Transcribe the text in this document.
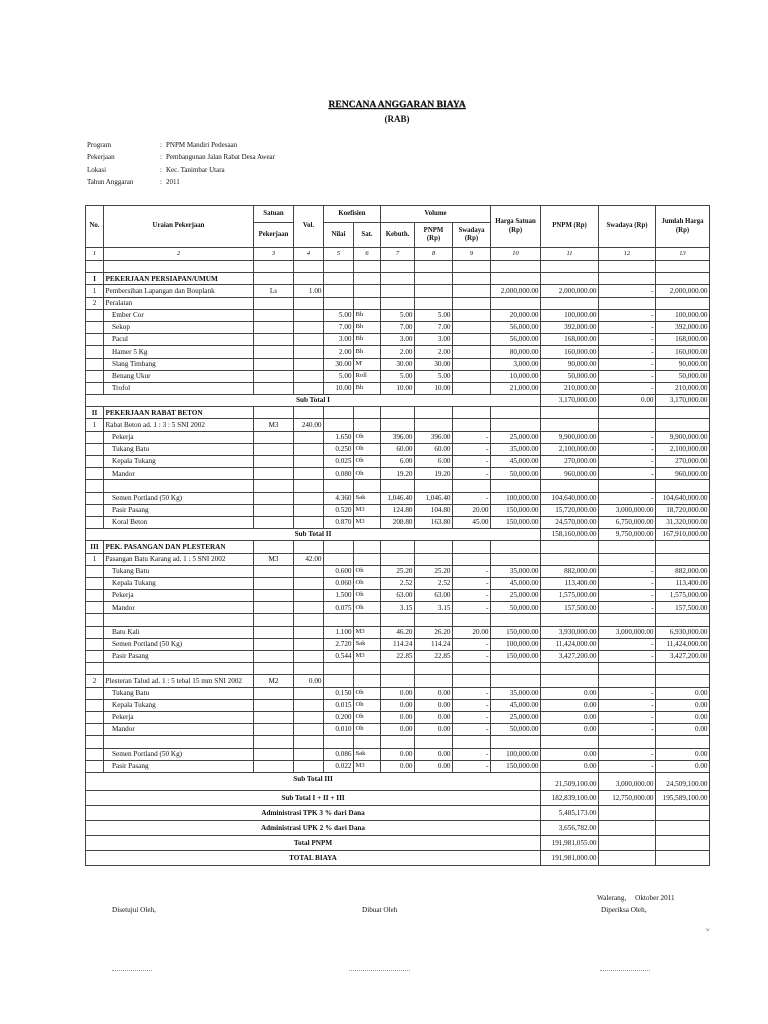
RENCANA ANGGARAN BIAYA
(RAB)
Program	: PNPM Mandiri Pedesaan
Pekerjaan	: Pembangunan Jalan Rabat Desa Awear
Lokasi	: Kec. Tanimbar Utara
Tahun Anggaran	: 2011
No.	Uraian Pekerjaan	Satuan	Vol.	Koefisien		Volume			Harga Satuan (Rp)	PNPM (Rp)	Swadaya (Rp)	Jumlah Harga (Rp)
		Pekerjaan		Nilai	Sat.	Kebuth.	PNPM (Rp)	Swadaya (Rp)				
1	2	3	4	5	6	7	8	9	10	11	12	13

I	PEKERJAAN PERSIAPAN/UMUM											
1	Pembersihan Lapangan dan Bouplank	Ls	1.00						2,000,000.00	2,000,000.00	-	2,000,000.00
2	Peralatan											
	Ember Cor			5.00	Bh	5.00	5.00		20,000.00	100,000.00	-	100,000.00
	Sekop			7.00	Bh	7.00	7.00		56,000.00	392,000.00	-	392,000.00
	Pacul			3.00	Bh	3.00	3.00		56,000.00	168,000.00	-	168,000.00
	Hamer 5 Kg			2.00	Bh	2.00	2.00		80,000.00	160,000.00	-	160,000.00
	Slang Timbang			30.00	M'	30.00	30.00		3,000.00	90,000.00	-	90,000.00
	Benang Ukur			5.00	Roll	5.00	5.00		10,000.00	50,000.00	-	50,000.00
	Trofol			10.00	Bh	10.00	10.00		21,000.00	210,000.00	-	210,000.00
Sub Total I										3,170,000.00	0.00	3,170,000.00
II	PEKERJAAN RABAT BETON											
1	Rabat Beton ad. 1 : 3 : 5 SNI 2002	M3	240.00									
	Pekerja			1.650	Oh	396.00	396.00	-	25,000.00	9,900,000.00	-	9,900,000.00
	Tukang Batu			0.250	Oh	60.00	60.00	-	35,000.00	2,100,000.00	-	2,100,000.00
	Kepala Tukang			0.025	Oh	6.00	6.00	-	45,000.00	270,000.00	-	270,000.00
	Mandor			0.080	Oh	19.20	19.20	-	50,000.00	960,000.00	-	960,000.00

	Semen Portland (50 Kg)			4.360	Sak	1,046.40	1,046.40	-	100,000.00	104,640,000.00	-	104,640,000.00
	Pasir Pasang			0.520	M3	124.80	104.80	20.00	150,000.00	15,720,000.00	3,000,000.00	18,720,000.00
	Koral Beton			0.870	M3	208.80	163.80	45.00	150,000.00	24,570,000.00	6,750,000.00	31,320,000.00
Sub Total II										158,160,000.00	9,750,000.00	167,910,000.00
III	PEK. PASANGAN DAN PLESTERAN											
1	Pasangan Batu Karang ad. 1 : 5 SNI 2002	M3	42.00									
	Tukang Batu			0.600	Oh	25.20	25.20	-	35,000.00	882,000.00	-	882,000.00
	Kepala Tukang			0.060	Oh	2.52	2.52	-	45,000.00	113,400.00	-	113,400.00
	Pekerja			1.500	Oh	63.00	63.00	-	25,000.00	1,575,000.00	-	1,575,000.00
	Mandor			0.075	Oh	3.15	3.15	-	50,000.00	157,500.00	-	157,500.00

	Batu Kali			1.100	M3	46.20	26.20	20.00	150,000.00	3,930,000.00	3,000,000.00	6,930,000.00
	Semen Portland (50 Kg)			2.720	Sak	114.24	114.24	-	100,000.00	11,424,000.00	-	11,424,000.00
	Pasir Pasang			0.544	M3	22.85	22.85	-	150,000.00	3,427,200.00	-	3,427,200.00

2	Plesteran Talud ad. 1 : 5 tebal 15 mm SNI 2002	M2	0.00									
	Tukang Batu			0.150	Oh	0.00	0.00	-	35,000.00	0.00	-	0.00
	Kepala Tukang			0.015	Oh	0.00	0.00	-	45,000.00	0.00	-	0.00
	Pekerja			0.200	Oh	0.00	0.00	-	25,000.00	0.00	-	0.00
	Mandor			0.010	Oh	0.00	0.00	-	50,000.00	0.00	-	0.00

	Semen Portland (50 Kg)			0.086	Sak	0.00	0.00	-	100,000.00	0.00	-	0.00
	Pasir Pasang			0.022	M3	0.00	0.00	-	150,000.00	0.00	-	0.00
Sub Total III										21,509,100.00	3,000,000.00	24,509,100.00
Sub Total I + II + III										182,839,100.00	12,750,000.00	195,589,100.00
Administrasi TPK 3 % dari Dana										5,485,173.00		
Administrasi UPK 2 % dari Dana										3,656,782.00		
Total PNPM										191,981,055.00		
TOTAL BIAYA										191,981,000.00		
Walerang,     Oktober 2011
Disetujui Oleh,	Dibuat Oleh	Diperiksa Oleh,
w
